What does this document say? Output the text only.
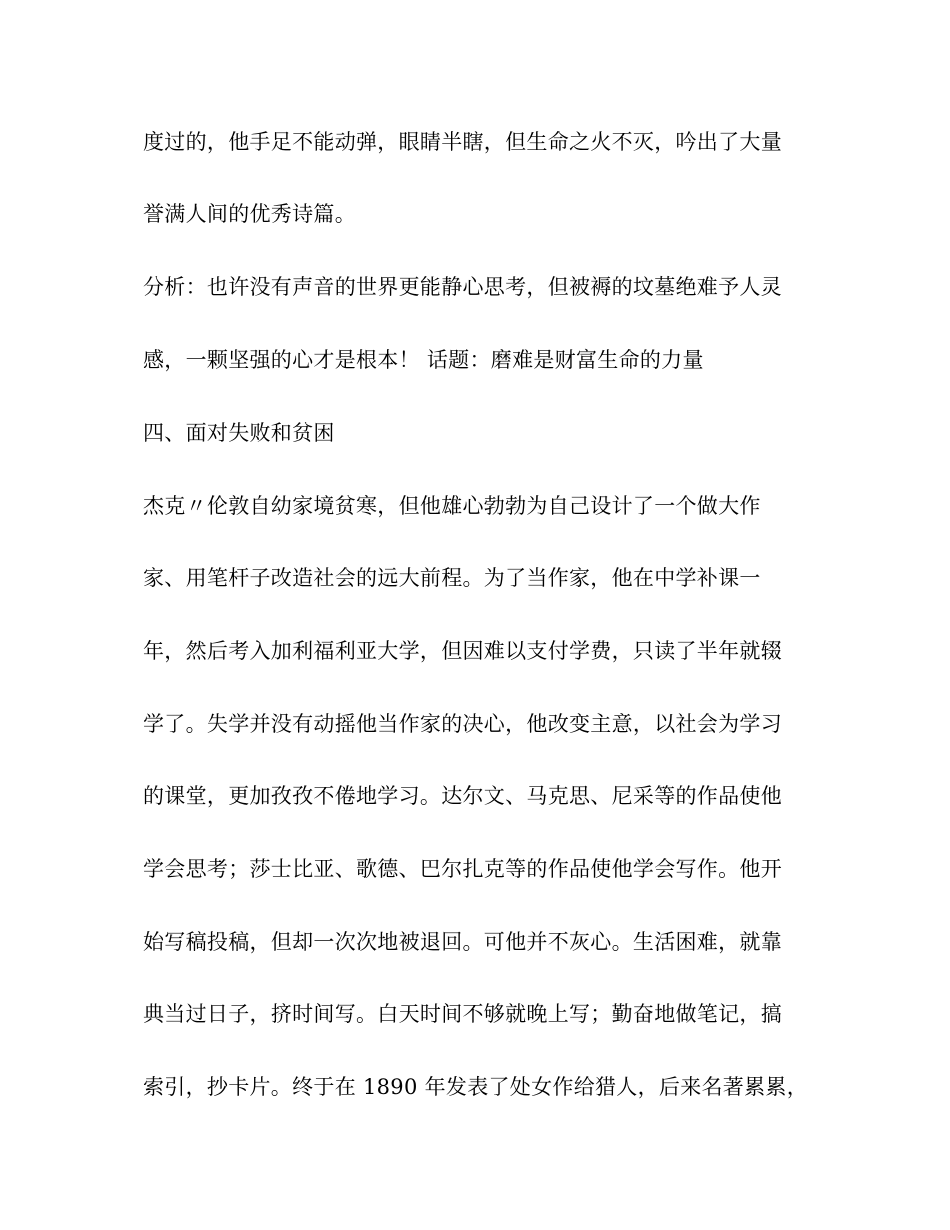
度过的，他手足不能动弹，眼睛半瞎，但生命之火不灭，吟出了大量
誉满人间的优秀诗篇。
分析：也许没有声音的世界更能静心思考，但被褥的坟墓绝难予人灵
感，一颗坚强的心才是根本！ 话题：磨难是财富生命的力量
四、面对失败和贫困
杰克〃伦敦自幼家境贫寒，但他雄心勃勃为自己设计了一个做大作
家、用笔杆子改造社会的远大前程。为了当作家，他在中学补课一
年，然后考入加利福利亚大学，但因难以支付学费，只读了半年就辍
学了。失学并没有动摇他当作家的决心，他改变主意，以社会为学习
的课堂，更加孜孜不倦地学习。达尔文、马克思、尼采等的作品使他
学会思考；莎士比亚、歌德、巴尔扎克等的作品使他学会写作。他开
始写稿投稿，但却一次次地被退回。可他并不灰心。生活困难，就靠
典当过日子，挤时间写。白天时间不够就晚上写；勤奋地做笔记，搞
索引，抄卡片。终于在 1890 年发表了处女作给猎人，后来名著累累，
